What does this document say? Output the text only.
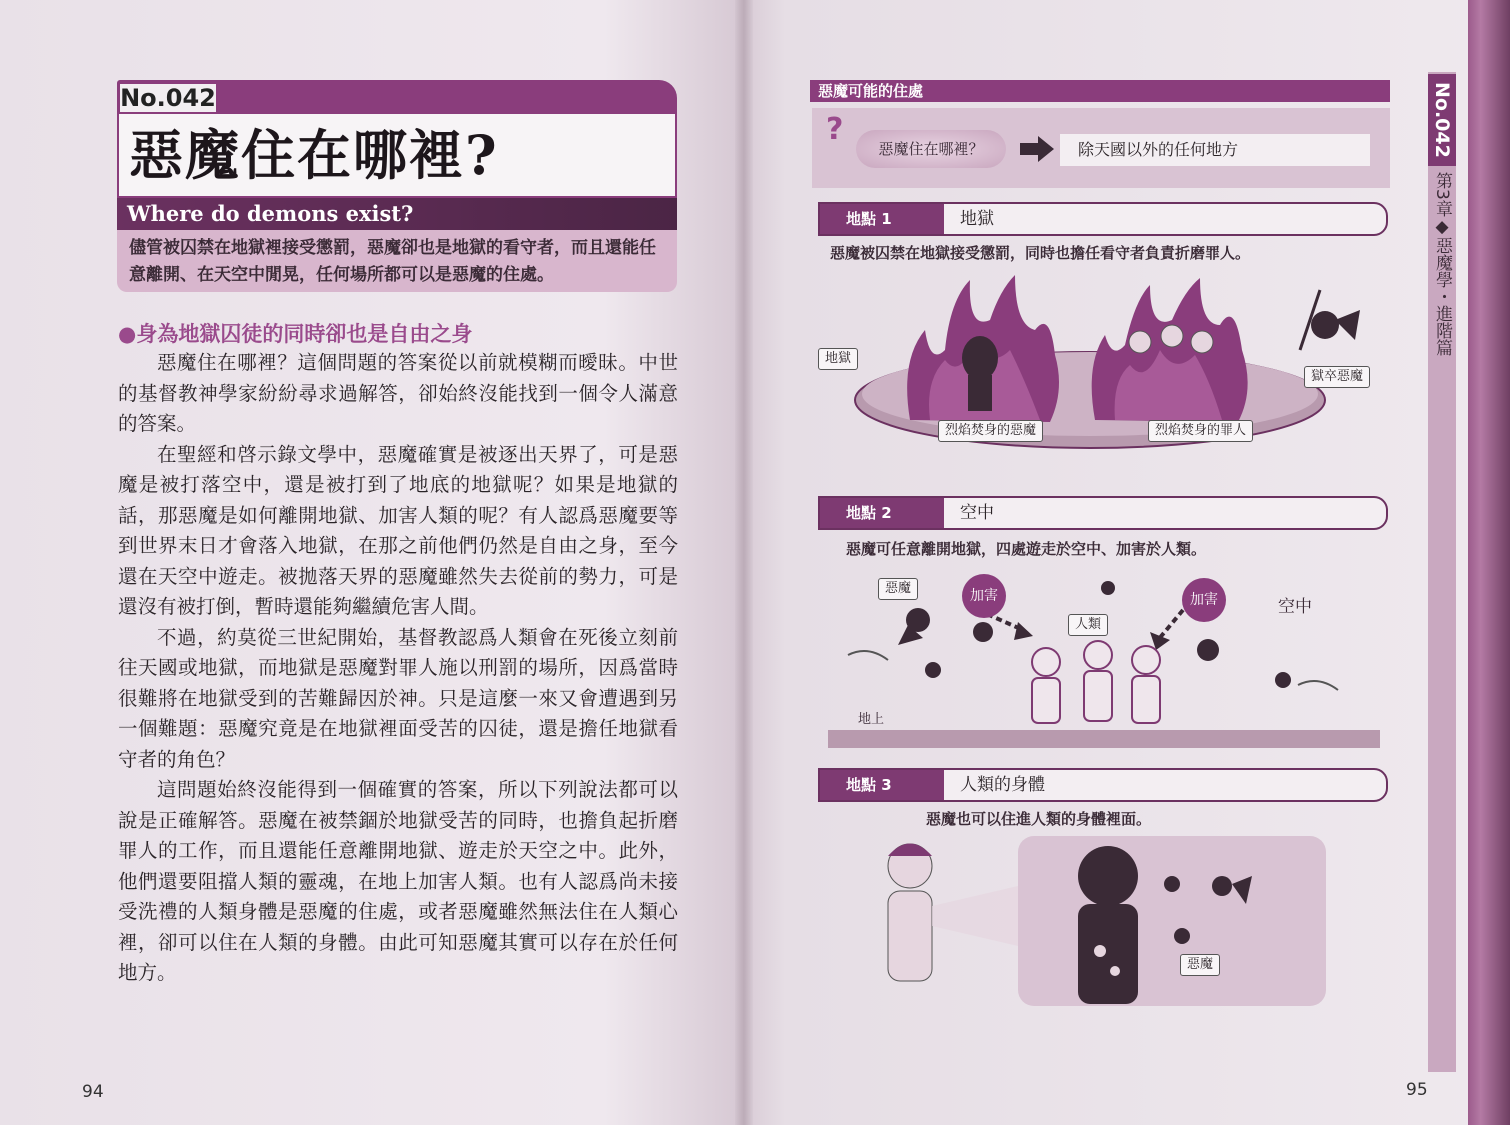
No.042
惡魔住在哪裡?
Where do demons exist?
儘管被囚禁在地獄裡接受懲罰，惡魔卻也是地獄的看守者，而且還能任意離開、在天空中閒晃，任何場所都可以是惡魔的住處。
●身為地獄囚徒的同時卻也是自由之身

惡魔住在哪裡？這個問題的答案從以前就模糊而曖昧。中世的基督教神學家紛紛尋求過解答，卻始終沒能找到一個令人滿意的答案。

在聖經和啓示錄文學中，惡魔確實是被逐出天界了，可是惡魔是被打落空中，還是被打到了地底的地獄呢？如果是地獄的話，那惡魔是如何離開地獄、加害人類的呢？有人認爲惡魔要等到世界末日才會落入地獄，在那之前他們仍然是自由之身，至今還在天空中遊走。被拋落天界的惡魔雖然失去從前的勢力，可是還沒有被打倒，暫時還能夠繼續危害人間。

不過，約莫從三世紀開始，基督教認爲人類會在死後立刻前往天國或地獄，而地獄是惡魔對罪人施以刑罰的場所，因爲當時很難將在地獄受到的苦難歸因於神。只是這麼一來又會遭遇到另一個難題：惡魔究竟是在地獄裡面受苦的囚徒，還是擔任地獄看守者的角色？

這問題始終沒能得到一個確實的答案，所以下列說法都可以說是正確解答。惡魔在被禁錮於地獄受苦的同時，也擔負起折磨罪人的工作，而且還能任意離開地獄、遊走於天空之中。此外，他們還要阻擋人類的靈魂，在地上加害人類。也有人認爲尚未接受洗禮的人類身體是惡魔的住處，或者惡魔雖然無法住在人類心裡，卻可以住在人類的身體。由此可知惡魔其實可以存在於任何地方。

94
No.042
第3章◆惡魔學・進階篇
惡魔可能的住處
?
惡魔住在哪裡？	除天國以外的任何地方
地點 1	地獄
惡魔被囚禁在地獄接受懲罰，同時也擔任看守者負責折磨罪人。
地獄
烈焰焚身的惡魔	烈焰焚身的罪人
獄卒惡魔
地點 2	空中
惡魔可任意離開地獄，四處遊走於空中、加害於人類。
惡魔	加害
人類
加害	空中
地上
地點 3	人類的身體
惡魔也可以住進人類的身體裡面。
惡魔
95
